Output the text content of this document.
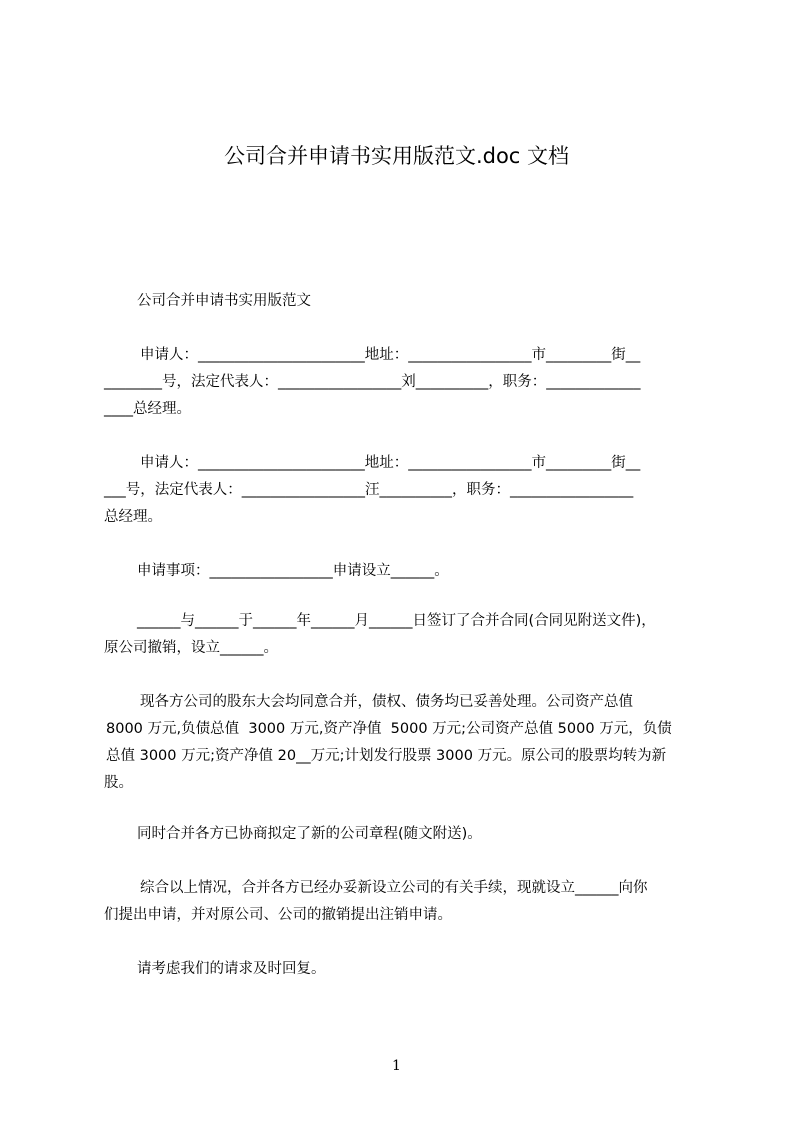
公司合并申请书实用版范文.doc 文档
公司合并申请书实用版范文
申请人：_______________________地址：_________________市_________街__
________号，法定代表人：_________________刘__________，职务：_____________
____总经理。
申请人：_______________________地址：_________________市_________街__
___号，法定代表人：_________________汪__________，职务：_________________
总经理。
申请事项：_________________申请设立______。
______与______于______年______月______日签订了合并合同(合同见附送文件)，
原公司撤销，设立______。
现各方公司的股东大会均同意合并，债权、债务均已妥善处理。公司资产总值
8000 万元,负债总值  3000 万元,资产净值  5000 万元;公司资产总值 5000 万元，负债
总值 3000 万元;资产净值 20__万元;计划发行股票 3000 万元。原公司的股票均转为新
股。
同时合并各方已协商拟定了新的公司章程(随文附送)。
综合以上情况，合并各方已经办妥新设立公司的有关手续，现就设立______向你
们提出申请，并对原公司、公司的撤销提出注销申请。
请考虑我们的请求及时回复。
1
